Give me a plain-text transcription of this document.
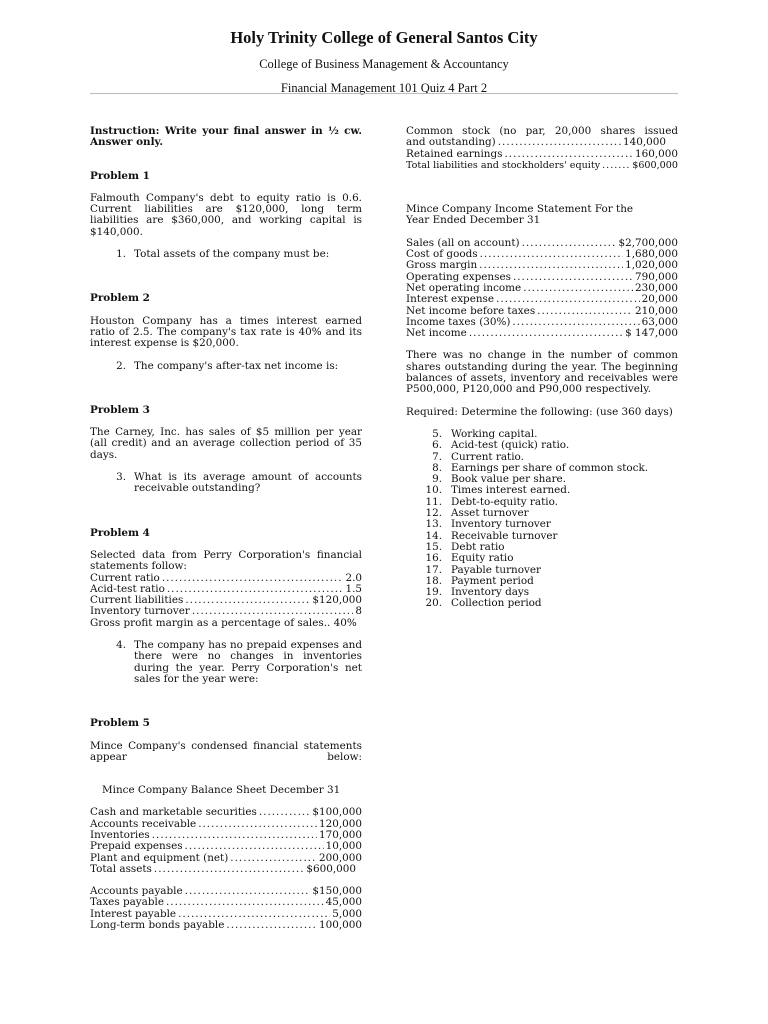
Holy Trinity College of General Santos City
College of Business Management & Accountancy
Financial Management 101 Quiz 4 Part 2

Instruction: Write your final answer in ½ cw. Answer only.

Problem 1

Falmouth Company's debt to equity ratio is 0.6. Current liabilities are $120,000, long term liabilities are $360,000, and working capital is $140,000.

1. Total assets of the company must be:

Problem 2

Houston Company has a times interest earned ratio of 2.5. The company's tax rate is 40% and its interest expense is $20,000.

2. The company's after-tax net income is:

Problem 3

The Carney, Inc. has sales of $5 million per year (all credit) and an average collection period of 35 days.

3. What is its average amount of accounts receivable outstanding?

Problem 4

Selected data from Perry Corporation's financial statements follow:

Current ratio .....	2.0
Acid-test ratio .....	1.5
Current liabilities .....	$120,000
Inventory turnover .....	8

Gross profit margin as a percentage of sales.. 40%

4. The company has no prepaid expenses and there were no changes in inventories during the year. Perry Corporation's net sales for the year were:

Problem 5

Mince Company's condensed financial statements appear below:

Mince Company Balance Sheet December 31

Cash and marketable securities .....	$100,000
Accounts receivable .....	120,000
Inventories .....	170,000
Prepaid expenses .....	10,000
Plant and equipment (net) .....	200,000
Total assets .....	$600,000
Accounts payable .....	$150,000
Taxes payable .....	45,000
Interest payable .....	5,000
Long-term bonds payable .....	100,000

Common stock (no par, 20,000 shares issued

and outstanding) .....	140,000
Retained earnings .....	160,000
Total liabilities and stockholders' equity .....	$600,000

Mince Company Income Statement For the Year Ended December 31

Sales (all on account) .....	$2,700,000
Cost of goods .....	1,680,000
Gross margin .....	1,020,000
Operating expenses .....	790,000
Net operating income .....	230,000
Interest expense .....	20,000
Net income before taxes .....	210,000
Income taxes (30%) .....	63,000
Net income .....	$ 147,000

There was no change in the number of common shares outstanding during the year. The beginning balances of assets, inventory and receivables were P500,000, P120,000 and P90,000 respectively.

Required: Determine the following: (use 360 days)

5. Working capital.
6. Acid-test (quick) ratio.
7. Current ratio.
8. Earnings per share of common stock.
9. Book value per share.
10. Times interest earned.
11. Debt-to-equity ratio.
12. Asset turnover
13. Inventory turnover
14. Receivable turnover
15. Debt ratio
16. Equity ratio
17. Payable turnover
18. Payment period
19. Inventory days
20. Collection period
